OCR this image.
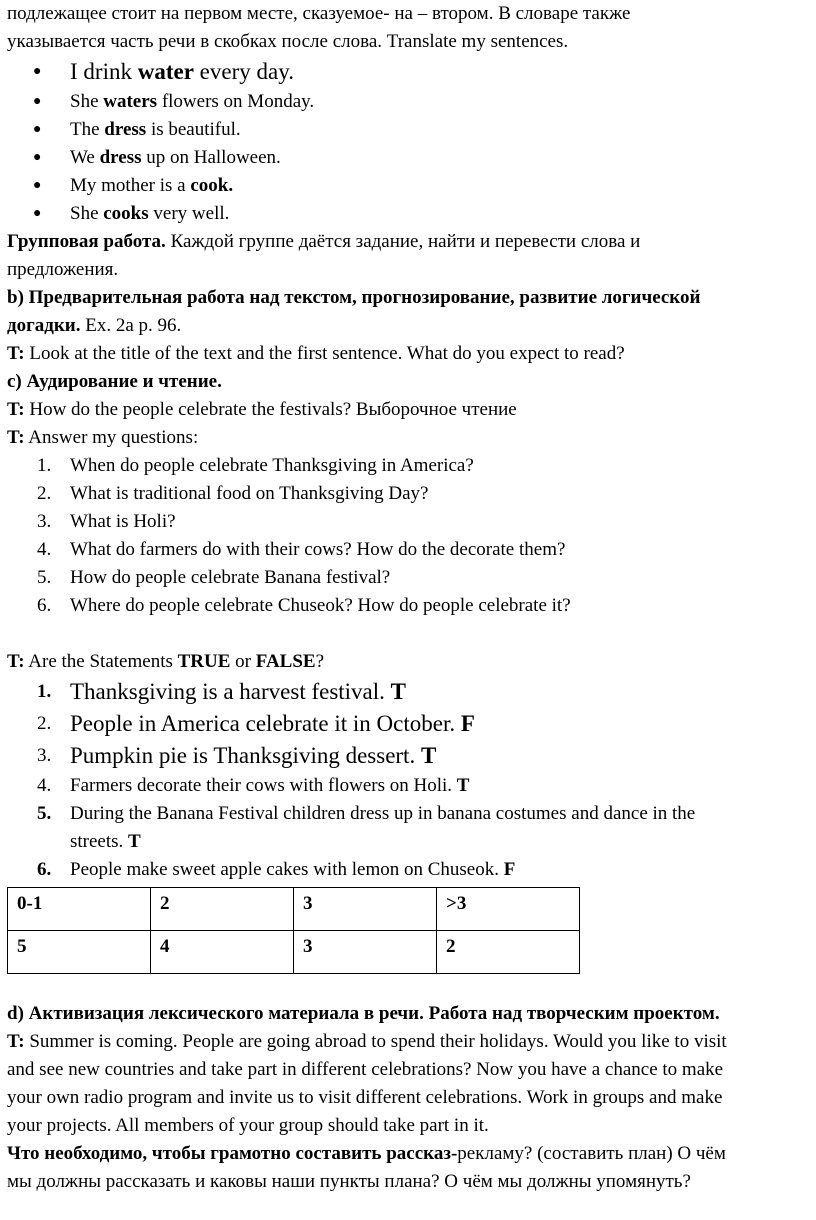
подлежащее стоит на первом месте, сказуемое- на – втором. В словаре также

указывается часть речи в скобках после слова. Translate my sentences.

● I drink water every day.
● She waters flowers on Monday.
● The dress is beautiful.
● We dress up on Halloween.
● My mother is a cook.
● She cooks very well.

Групповая работа. Каждой группе даётся задание, найти и перевести слова и

предложения.

b) Предварительная работа над текстом, прогнозирование, развитие логической

догадки. Ex. 2a p. 96.

T: Look at the title of the text and the first sentence. What do you expect to read?

c) Аудирование и чтение.

T: How do the people celebrate the festivals? Выборочное чтение

T: Answer my questions:

1. When do people celebrate Thanksgiving in America?
2. What is traditional food on Thanksgiving Day?
3. What is Holi?
4. What do farmers do with their cows? How do the decorate them?
5. How do people celebrate Banana festival?
6. Where do people celebrate Chuseok? How do people celebrate it?

T: Are the Statements TRUE or FALSE?

1. Thanksgiving is a harvest festival. T
2. People in America celebrate it in October. F
3. Pumpkin pie is Thanksgiving dessert. T
4. Farmers decorate their cows with flowers on Holi. T
5. During the Banana Festival children dress up in banana costumes and dance in the
streets. T
6. People make sweet apple cakes with lemon on Chuseok. F
0-1	2	3	>3
5	4	3	2

d) Активизация лексического материала в речи. Работа над творческим проектом.

T: Summer is coming. People are going abroad to spend their holidays. Would you like to visit

and see new countries and take part in different celebrations? Now you have a chance to make

your own radio program and invite us to visit different celebrations. Work in groups and make

your projects. All members of your group should take part in it.

Что необходимо, чтобы грамотно составить рассказ-рекламу? (составить план) О чём

мы должны рассказать и каковы наши пункты плана? О чём мы должны упомянуть?
